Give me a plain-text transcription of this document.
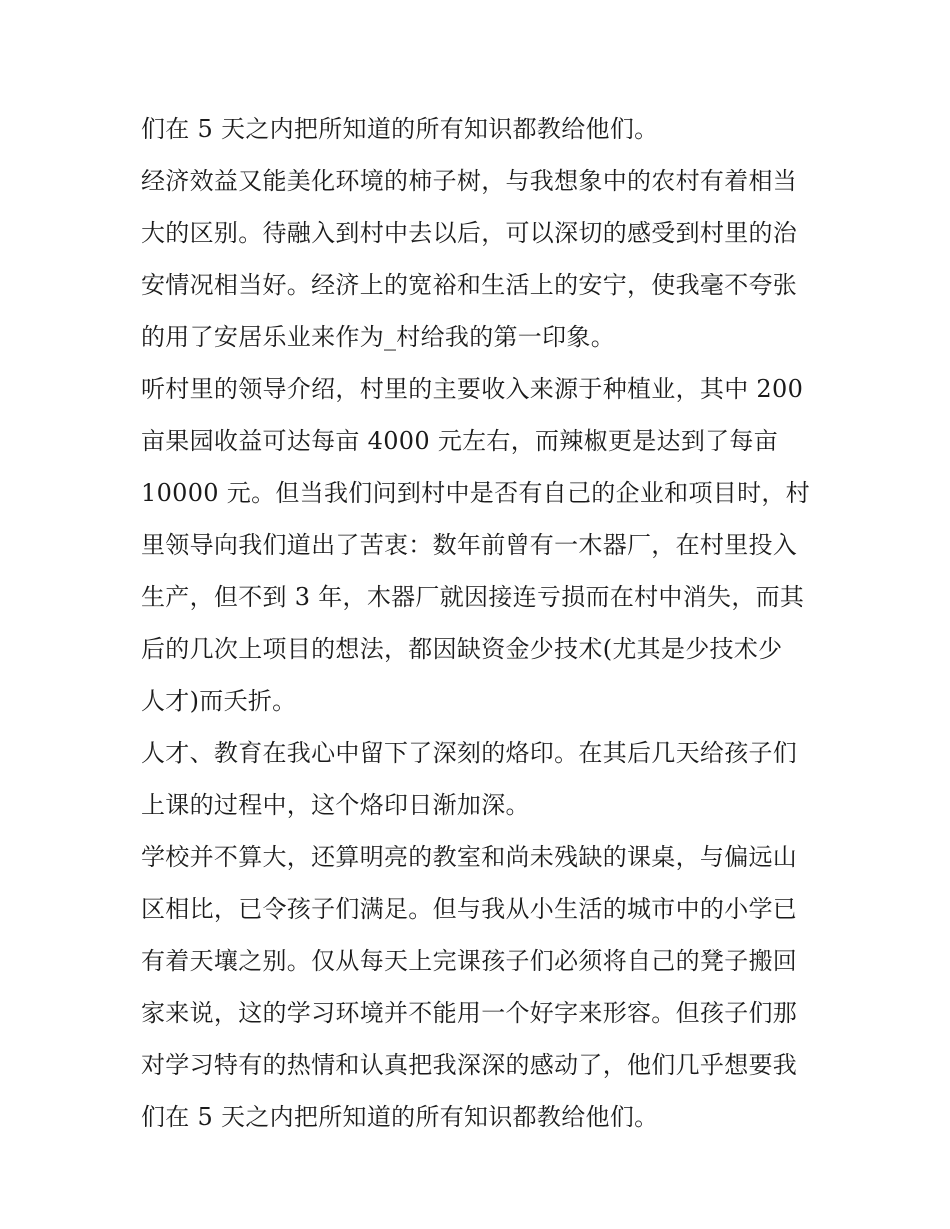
们在 5 天之内把所知道的所有知识都教给他们。
经济效益又能美化环境的柿子树，与我想象中的农村有着相当
大的区别。待融入到村中去以后，可以深切的感受到村里的治
安情况相当好。经济上的宽裕和生活上的安宁，使我毫不夸张
的用了安居乐业来作为_村给我的第一印象。
听村里的领导介绍，村里的主要收入来源于种植业，其中 200
亩果园收益可达每亩 4000 元左右，而辣椒更是达到了每亩
10000 元。但当我们问到村中是否有自己的企业和项目时，村
里领导向我们道出了苦衷：数年前曾有一木器厂，在村里投入
生产，但不到 3 年，木器厂就因接连亏损而在村中消失，而其
后的几次上项目的想法，都因缺资金少技术(尤其是少技术少
人才)而夭折。
人才、教育在我心中留下了深刻的烙印。在其后几天给孩子们
上课的过程中，这个烙印日渐加深。
学校并不算大，还算明亮的教室和尚未残缺的课桌，与偏远山
区相比，已令孩子们满足。但与我从小生活的城市中的小学已
有着天壤之别。仅从每天上完课孩子们必须将自己的凳子搬回
家来说，这的学习环境并不能用一个好字来形容。但孩子们那
对学习特有的热情和认真把我深深的感动了，他们几乎想要我
们在 5 天之内把所知道的所有知识都教给他们。
